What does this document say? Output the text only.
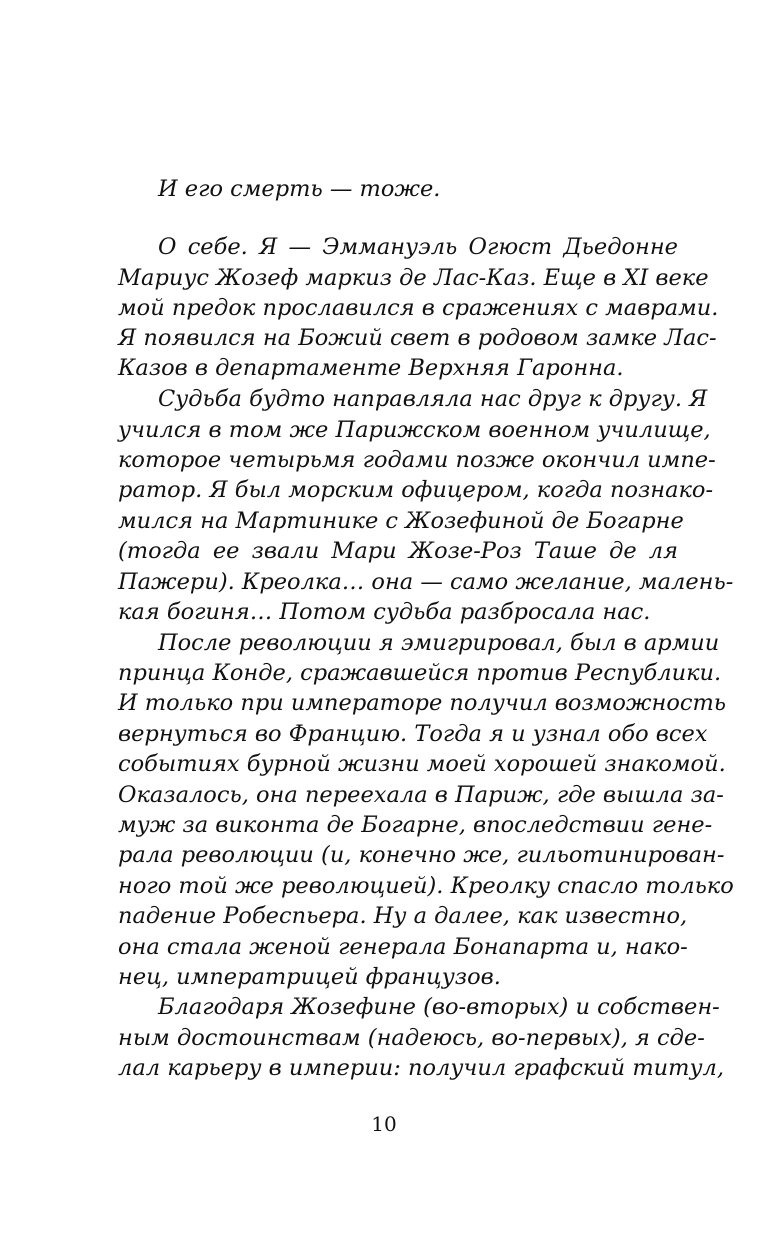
И его смерть — тоже.
О себе. Я — Эммануэль Огюст Дьедонне
Мариус Жозеф маркиз де Лас-Каз. Еще в XI веке
мой предок прославился в сражениях с маврами.
Я появился на Божий свет в родовом замке Лас-
Казов в департаменте Верхняя Гаронна.
Судьба будто направляла нас друг к другу. Я
учился в том же Парижском военном училище,
которое четырьмя годами позже окончил импе-
ратор. Я был морским офицером, когда познако-
мился на Мартинике с Жозефиной де Богарне
(тогда ее звали Мари Жозе-Роз Таше де ля
Пажери). Креолка… она — само желание, малень-
кая богиня… Потом судьба разбросала нас.
После революции я эмигрировал, был в армии
принца Конде, сражавшейся против Республики.
И только при императоре получил возможность
вернуться во Францию. Тогда я и узнал обо всех
событиях бурной жизни моей хорошей знакомой.
Оказалось, она переехала в Париж, где вышла за-
муж за виконта де Богарне, впоследствии гене-
рала революции (и, конечно же, гильотинирован-
ного той же революцией). Креолку спасло только
падение Робеспьера. Ну а далее, как известно,
она стала женой генерала Бонапарта и, нако-
нец, императрицей французов.
Благодаря Жозефине (во-вторых) и собствен-
ным достоинствам (надеюсь, во-первых), я сде-
лал карьеру в империи: получил графский титул,
10
